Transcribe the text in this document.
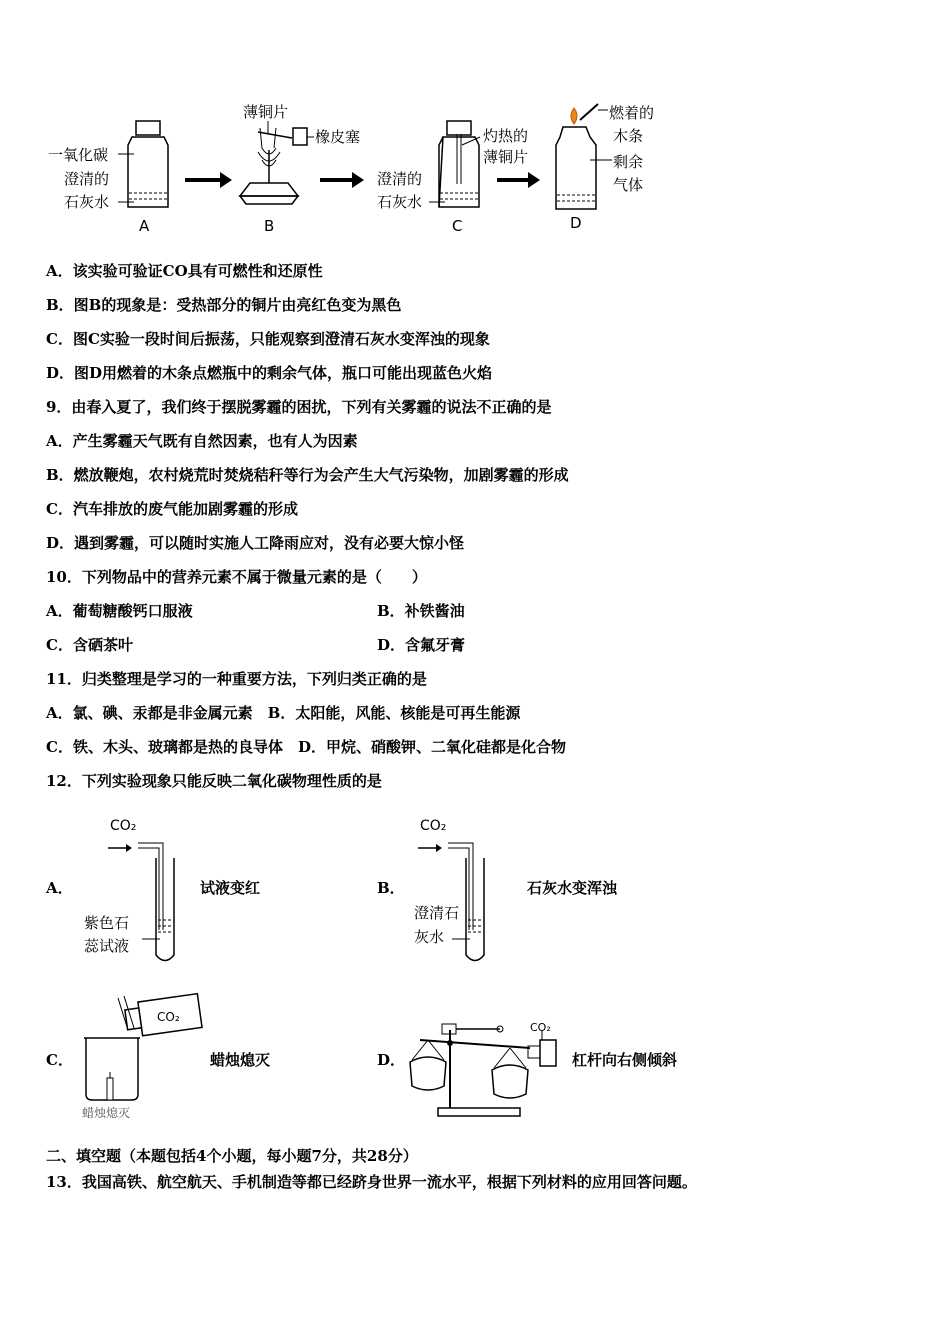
一氧化碳
澄清的
石灰水
薄铜片
橡皮塞	灼热的
薄铜片
澄清的
石灰水
燃着的
木条
剩余
气体
A	B	C	D
A．该实验可验证CO具有可燃性和还原性
B．图B的现象是：受热部分的铜片由亮红色变为黑色
C．图C实验一段时间后振荡，只能观察到澄清石灰水变浑浊的现象
D．图D用燃着的木条点燃瓶中的剩余气体，瓶口可能出现蓝色火焰
9．由春入夏了，我们终于摆脱雾霾的困扰，下列有关雾霾的说法不正确的是
A．产生雾霾天气既有自然因素，也有人为因素
B．燃放鞭炮，农村烧荒时焚烧秸秆等行为会产生大气污染物，加剧雾霾的形成
C．汽车排放的废气能加剧雾霾的形成
D．遇到雾霾，可以随时实施人工降雨应对，没有必要大惊小怪
10．下列物品中的营养元素不属于微量元素的是（　　）
A．葡萄糖酸钙口服液	B．补铁酱油
C．含硒茶叶	D．含氟牙膏
11．归类整理是学习的一种重要方法，下列归类正确的是
A．氯、碘、汞都是非金属元素　B．太阳能，风能、核能是可再生能源
C．铁、木头、玻璃都是热的良导体　D．甲烷、硝酸钾、二氧化硅都是化合物
12．下列实验现象只能反映二氧化碳物理性质的是
A．	试液变红
CO₂
紫色石
蕊试液
B．	石灰水变浑浊
CO₂
澄清石
灰水
C．	蜡烛熄灭
CO₂
蜡烛熄灭
D．	杠杆向右侧倾斜
CO₂
二、填空题（本题包括4个小题，每小题7分，共28分）
13．我国高铁、航空航天、手机制造等都已经跻身世界一流水平，根据下列材料的应用回答问题。
